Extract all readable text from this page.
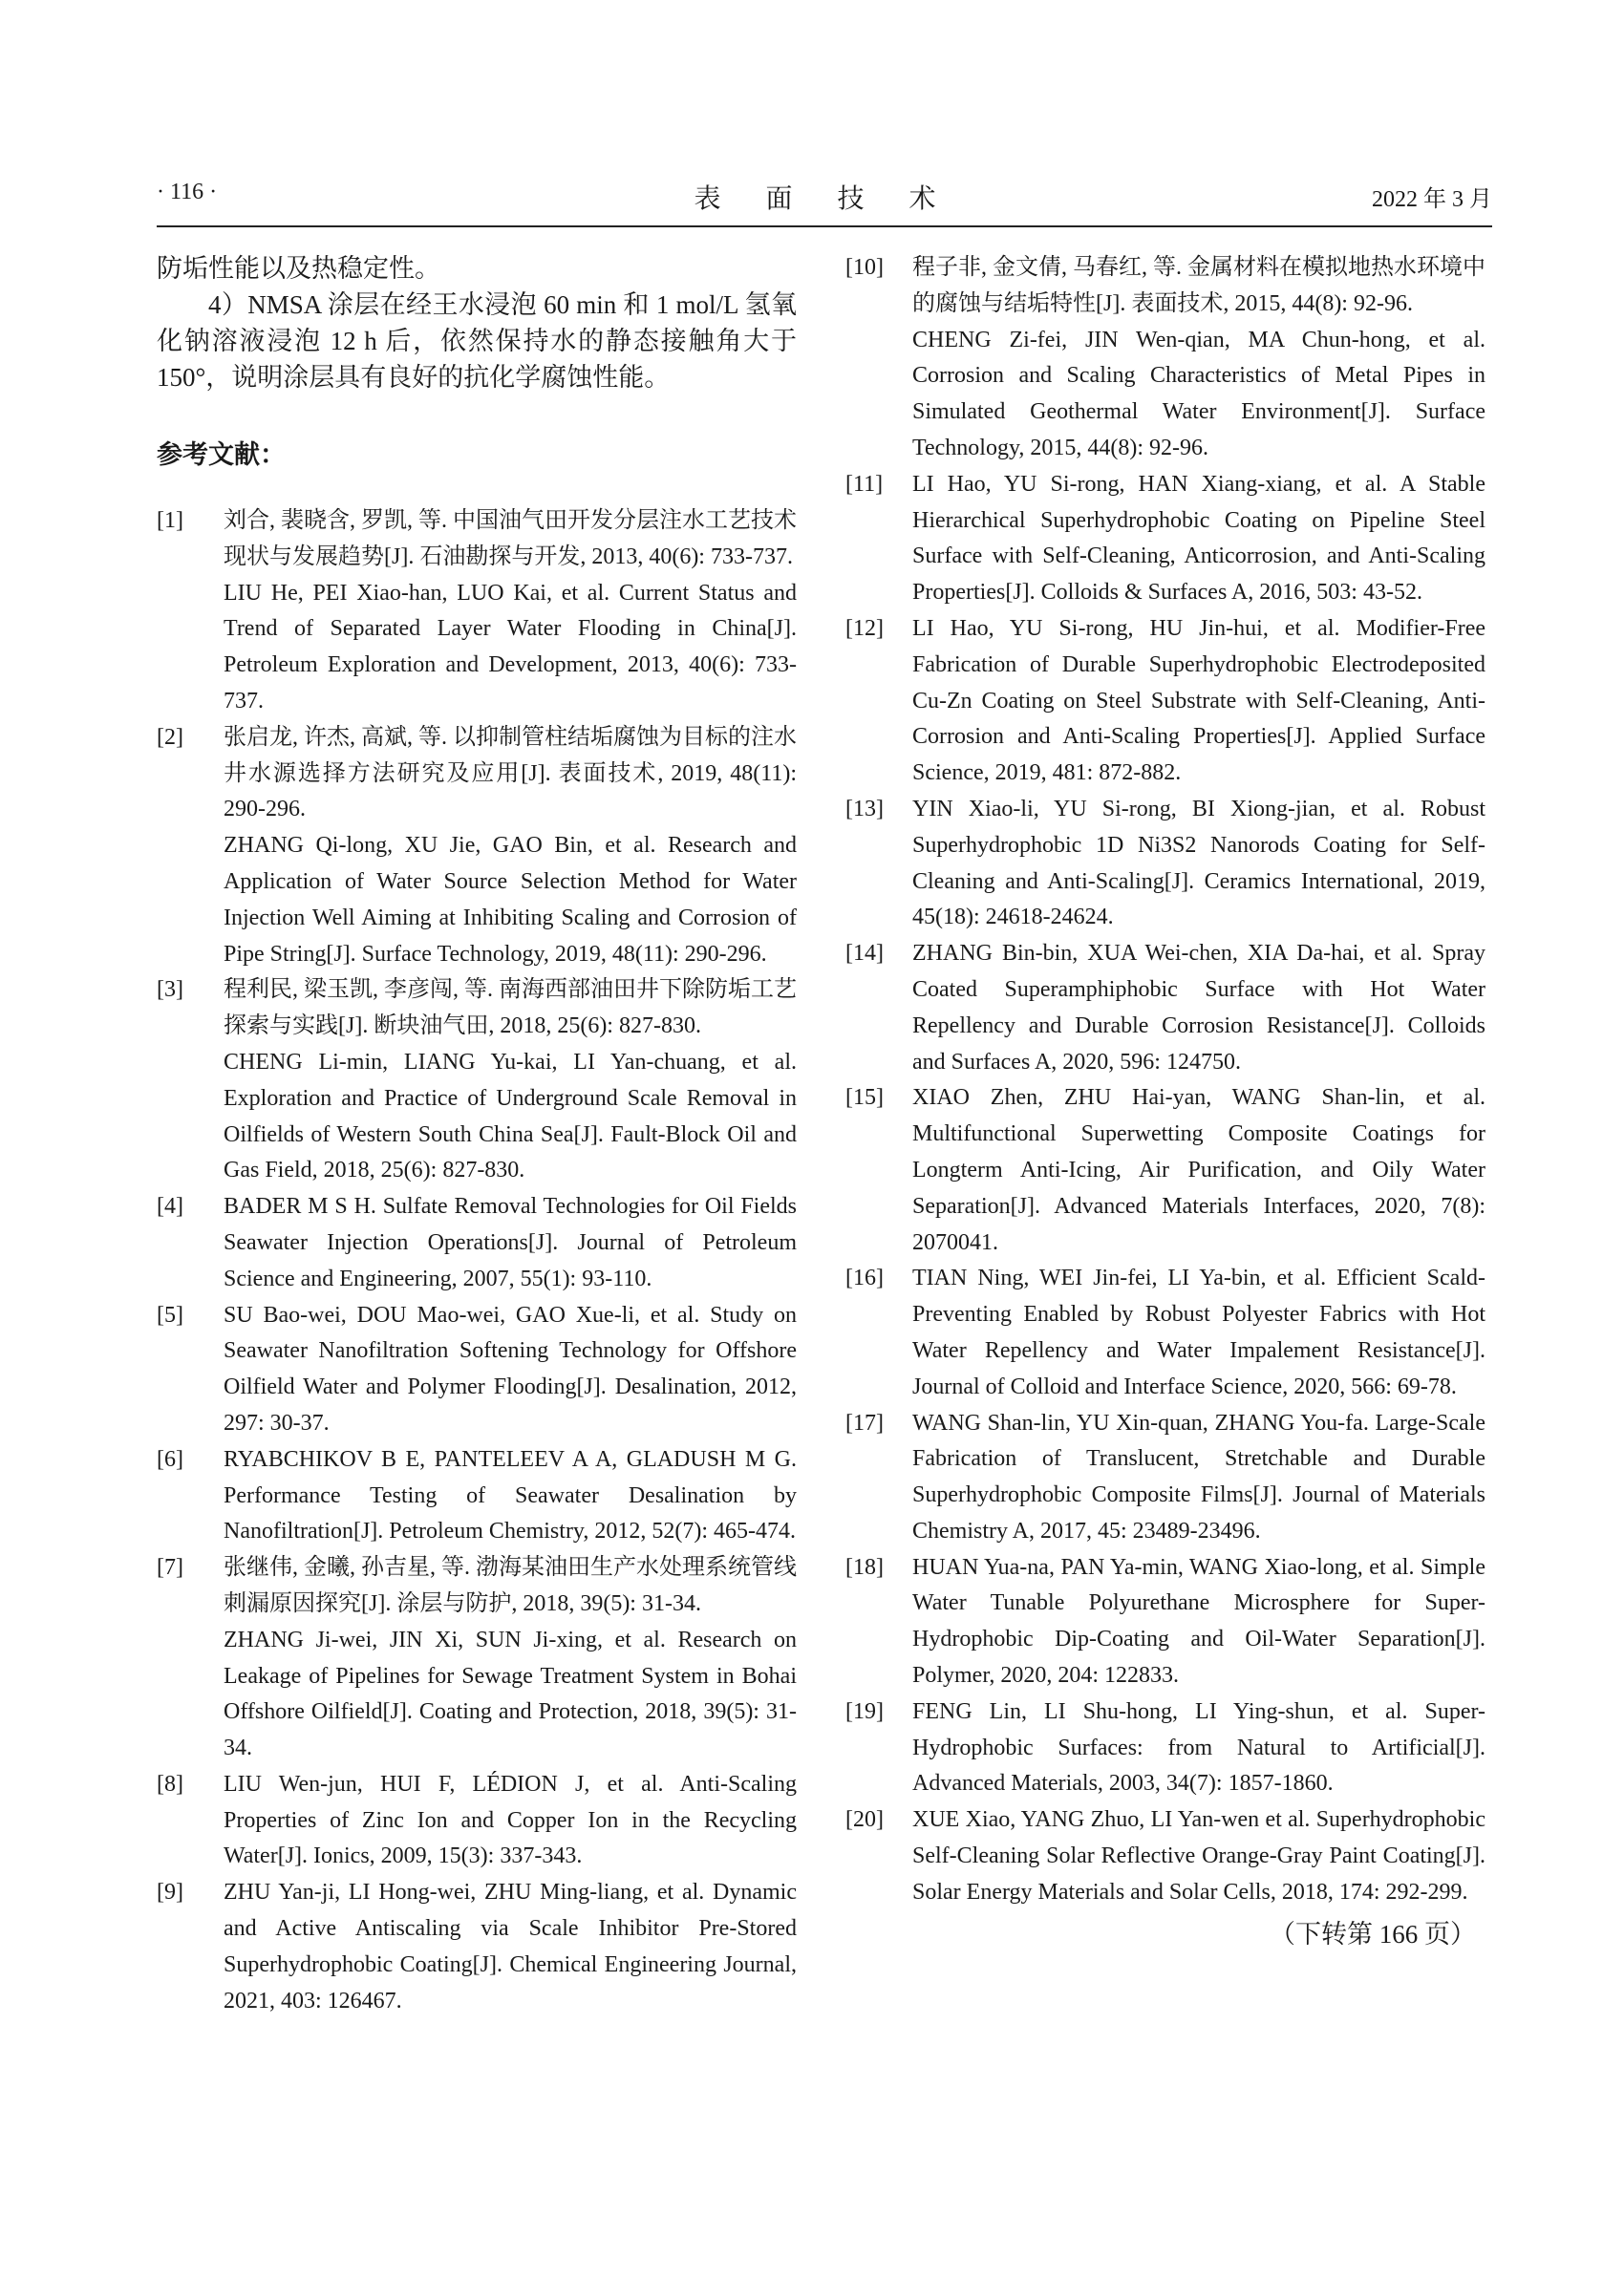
· 116 ·	表 面 技 术	2022 年 3 月

防垢性能以及热稳定性。

4）NMSA 涂层在经王水浸泡 60 min 和 1 mol/L 氢氧化钠溶液浸泡 12 h 后，依然保持水的静态接触角大于 150°，说明涂层具有良好的抗化学腐蚀性能。

参考文献：
[1] 刘合, 裴晓含, 罗凯, 等. 中国油气田开发分层注水工艺技术现状与发展趋势[J]. 石油勘探与开发, 2013, 40(6): 733-737.

LIU He, PEI Xiao-han, LUO Kai, et al. Current Status and Trend of Separated Layer Water Flooding in China[J]. Petroleum Exploration and Development, 2013, 40(6): 733-737.

[2] 张启龙, 许杰, 高斌, 等. 以抑制管柱结垢腐蚀为目标的注水井水源选择方法研究及应用[J]. 表面技术, 2019, 48(11): 290-296.

ZHANG Qi-long, XU Jie, GAO Bin, et al. Research and Application of Water Source Selection Method for Water Injection Well Aiming at Inhibiting Scaling and Corrosion of Pipe String[J]. Surface Technology, 2019, 48(11): 290-296.

[3] 程利民, 梁玉凯, 李彦闯, 等. 南海西部油田井下除防垢工艺探索与实践[J]. 断块油气田, 2018, 25(6): 827-830.

CHENG Li-min, LIANG Yu-kai, LI Yan-chuang, et al. Exploration and Practice of Underground Scale Removal in Oilfields of Western South China Sea[J]. Fault-Block Oil and Gas Field, 2018, 25(6): 827-830.

[4] BADER M S H. Sulfate Removal Technologies for Oil Fields Seawater Injection Operations[J]. Journal of Petroleum Science and Engineering, 2007, 55(1): 93-110.

[5] SU Bao-wei, DOU Mao-wei, GAO Xue-li, et al. Study on Seawater Nanofiltration Softening Technology for Offshore Oilfield Water and Polymer Flooding[J]. Desalination, 2012, 297: 30-37.

[6] RYABCHIKOV B E, PANTELEEV A A, GLADUSH M G. Performance Testing of Seawater Desalination by Nanofiltration[J]. Petroleum Chemistry, 2012, 52(7): 465-474.

[7] 张继伟, 金曦, 孙吉星, 等. 渤海某油田生产水处理系统管线刺漏原因探究[J]. 涂层与防护, 2018, 39(5): 31-34.

ZHANG Ji-wei, JIN Xi, SUN Ji-xing, et al. Research on Leakage of Pipelines for Sewage Treatment System in Bohai Offshore Oilfield[J]. Coating and Protection, 2018, 39(5): 31-34.

[8] LIU Wen-jun, HUI F, LÉDION J, et al. Anti-Scaling Properties of Zinc Ion and Copper Ion in the Recycling Water[J]. Ionics, 2009, 15(3): 337-343.

[9] ZHU Yan-ji, LI Hong-wei, ZHU Ming-liang, et al. Dynamic and Active Antiscaling via Scale Inhibitor Pre-Stored Superhydrophobic Coating[J]. Chemical Engineering Journal, 2021, 403: 126467.

[10] 程子非, 金文倩, 马春红, 等. 金属材料在模拟地热水环境中的腐蚀与结垢特性[J]. 表面技术, 2015, 44(8): 92-96.

CHENG Zi-fei, JIN Wen-qian, MA Chun-hong, et al. Corrosion and Scaling Characteristics of Metal Pipes in Simulated Geothermal Water Environment[J]. Surface Technology, 2015, 44(8): 92-96.

[11] LI Hao, YU Si-rong, HAN Xiang-xiang, et al. A Stable Hierarchical Superhydrophobic Coating on Pipeline Steel Surface with Self-Cleaning, Anticorrosion, and Anti-Scaling Properties[J]. Colloids & Surfaces A, 2016, 503: 43-52.

[12] LI Hao, YU Si-rong, HU Jin-hui, et al. Modifier-Free Fabrication of Durable Superhydrophobic Electrodeposited Cu-Zn Coating on Steel Substrate with Self-Cleaning, Anti-Corrosion and Anti-Scaling Properties[J]. Applied Surface Science, 2019, 481: 872-882.

[13] YIN Xiao-li, YU Si-rong, BI Xiong-jian, et al. Robust Superhydrophobic 1D Ni3S2 Nanorods Coating for Self-Cleaning and Anti-Scaling[J]. Ceramics International, 2019, 45(18): 24618-24624.

[14] ZHANG Bin-bin, XUA Wei-chen, XIA Da-hai, et al. Spray Coated Superamphiphobic Surface with Hot Water Repellency and Durable Corrosion Resistance[J]. Colloids and Surfaces A, 2020, 596: 124750.

[15] XIAO Zhen, ZHU Hai-yan, WANG Shan-lin, et al. Multifunctional Superwetting Composite Coatings for Longterm Anti-Icing, Air Purification, and Oily Water Separation[J]. Advanced Materials Interfaces, 2020, 7(8): 2070041.

[16] TIAN Ning, WEI Jin-fei, LI Ya-bin, et al. Efficient Scald-Preventing Enabled by Robust Polyester Fabrics with Hot Water Repellency and Water Impalement Resistance[J]. Journal of Colloid and Interface Science, 2020, 566: 69-78.

[17] WANG Shan-lin, YU Xin-quan, ZHANG You-fa. Large-Scale Fabrication of Translucent, Stretchable and Durable Superhydrophobic Composite Films[J]. Journal of Materials Chemistry A, 2017, 45: 23489-23496.

[18] HUAN Yua-na, PAN Ya-min, WANG Xiao-long, et al. Simple Water Tunable Polyurethane Microsphere for Super-Hydrophobic Dip-Coating and Oil-Water Separation[J]. Polymer, 2020, 204: 122833.

[19] FENG Lin, LI Shu-hong, LI Ying-shun, et al. Super-Hydrophobic Surfaces: from Natural to Artificial[J]. Advanced Materials, 2003, 34(7): 1857-1860.

[20] XUE Xiao, YANG Zhuo, LI Yan-wen et al. Superhydrophobic Self-Cleaning Solar Reflective Orange-Gray Paint Coating[J]. Solar Energy Materials and Solar Cells, 2018, 174: 292-299.

（下转第 166 页）
